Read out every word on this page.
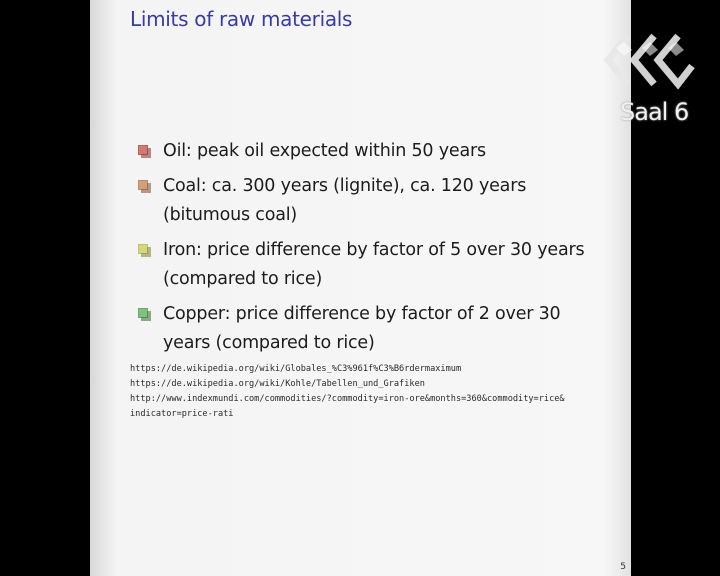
Limits of raw materials
Oil: peak oil expected within 50 years
Coal: ca. 300 years (lignite), ca. 120 years (bitumous coal)
Iron: price difference by factor of 5 over 30 years (compared to rice)
Copper: price difference by factor of 2 over 30 years (compared to rice)
https://de.wikipedia.org/wiki/Globales_%C3%961f%C3%B6rdermaximum
https://de.wikipedia.org/wiki/Kohle/Tabellen_und_Grafiken
http://www.indexmundi.com/commodities/?commodity=iron-ore&months=360&commodity=rice&
indicator=price-rati
5
Saal 6
